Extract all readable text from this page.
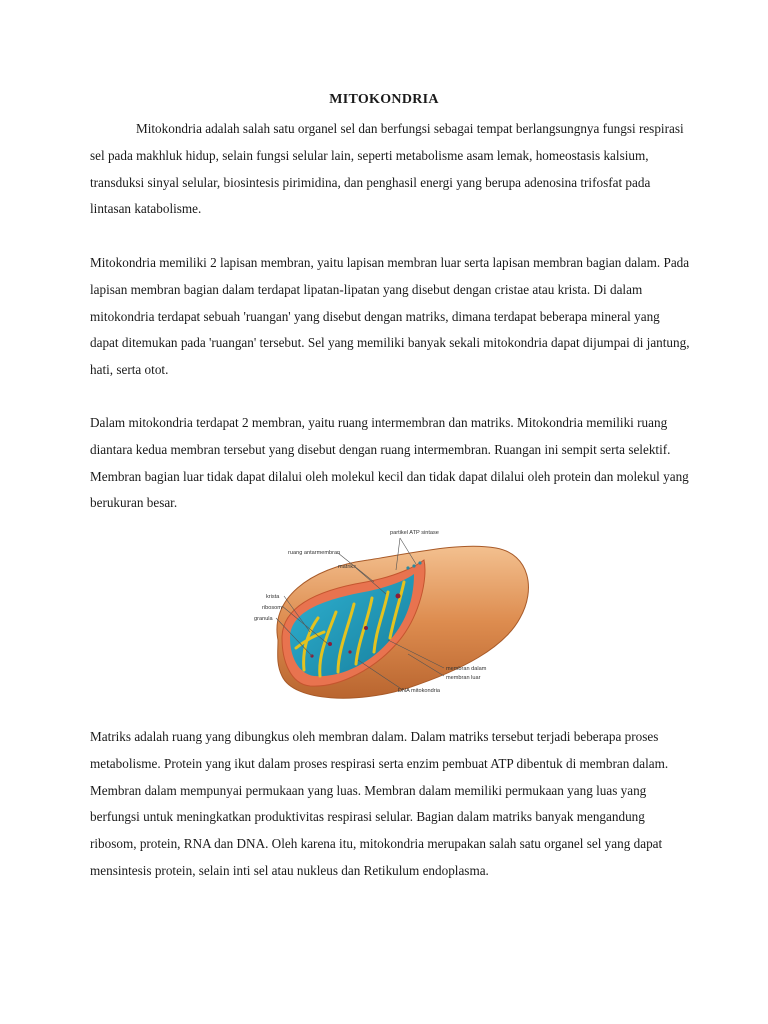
MITOKONDRIA

Mitokondria adalah salah satu organel sel dan berfungsi sebagai tempat berlangsungnya fungsi respirasi sel pada makhluk hidup, selain fungsi selular lain, seperti metabolisme asam lemak, homeostasis kalsium, transduksi sinyal selular, biosintesis pirimidina, dan penghasil energi yang berupa adenosina trifosfat pada lintasan katabolisme.

Mitokondria memiliki 2 lapisan membran, yaitu lapisan membran luar serta lapisan membran bagian dalam. Pada lapisan membran bagian dalam terdapat lipatan-lipatan yang disebut dengan cristae atau krista. Di dalam mitokondria terdapat sebuah 'ruangan' yang disebut dengan matriks, dimana terdapat beberapa mineral yang dapat ditemukan pada 'ruangan' tersebut. Sel yang memiliki banyak sekali mitokondria dapat dijumpai di jantung, hati, serta otot.

Dalam mitokondria terdapat 2 membran, yaitu ruang intermembran dan matriks. Mitokondria memiliki ruang diantara kedua membran tersebut yang disebut dengan ruang intermembran. Ruangan ini sempit serta selektif. Membran bagian luar tidak dapat dilalui oleh molekul kecil dan tidak dapat dilalui oleh protein dan molekul yang berukuran besar.

partikel ATP sintase
ruang antarmembran
matriks
krista
ribosom
granula
membran dalam
membran luar
DNA mitokondria

Matriks adalah ruang yang dibungkus oleh membran dalam. Dalam matriks tersebut terjadi beberapa proses metabolisme. Protein yang ikut dalam proses respirasi serta enzim pembuat ATP dibentuk di membran dalam. Membran dalam mempunyai permukaan yang luas. Membran dalam memiliki permukaan yang luas yang berfungsi untuk meningkatkan produktivitas respirasi selular. Bagian dalam matriks banyak mengandung ribosom, protein, RNA dan DNA. Oleh karena itu, mitokondria merupakan salah satu organel sel yang dapat mensintesis protein, selain inti sel atau nukleus dan Retikulum endoplasma.
